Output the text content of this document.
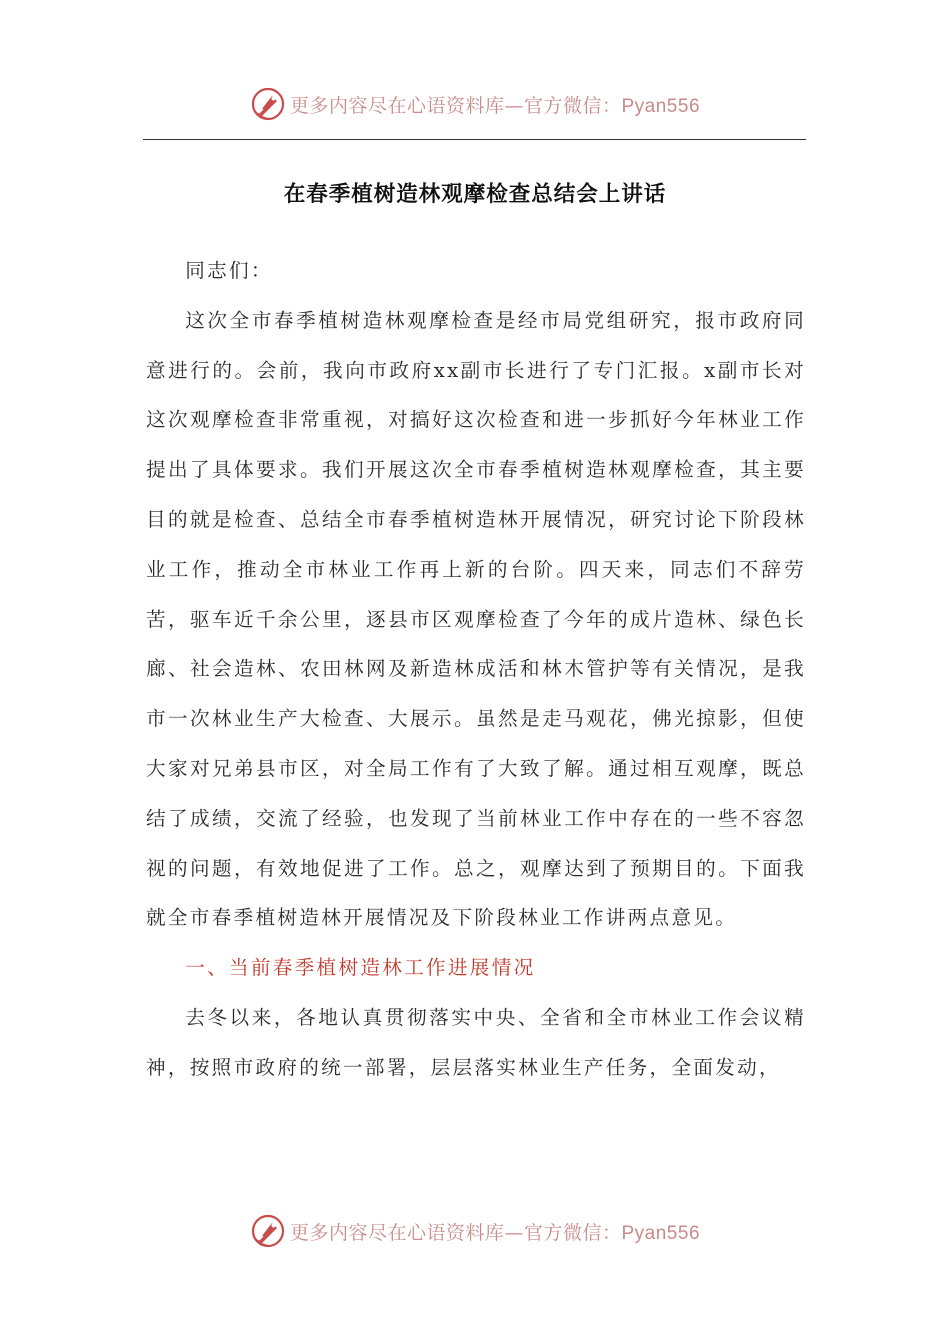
更多内容尽在心语资料库—官方微信：Pyan556
在春季植树造林观摩检查总结会上讲话

同志们：

这次全市春季植树造林观摩检查是经市局党组研究，报市政府同意进行的。会前，我向市政府xx副市长进行了专门汇报。x副市长对这次观摩检查非常重视，对搞好这次检查和进一步抓好今年林业工作提出了具体要求。我们开展这次全市春季植树造林观摩检查，其主要目的就是检查、总结全市春季植树造林开展情况，研究讨论下阶段林业工作，推动全市林业工作再上新的台阶。四天来，同志们不辞劳苦，驱车近千余公里，逐县市区观摩检查了今年的成片造林、绿色长廊、社会造林、农田林网及新造林成活和林木管护等有关情况，是我市一次林业生产大检查、大展示。虽然是走马观花，佛光掠影，但使大家对兄弟县市区，对全局工作有了大致了解。通过相互观摩，既总结了成绩，交流了经验，也发现了当前林业工作中存在的一些不容忽视的问题，有效地促进了工作。总之，观摩达到了预期目的。下面我就全市春季植树造林开展情况及下阶段林业工作讲两点意见。

一、当前春季植树造林工作进展情况

去冬以来，各地认真贯彻落实中央、全省和全市林业工作会议精神，按照市政府的统一部署，层层落实林业生产任务，全面发动，

更多内容尽在心语资料库—官方微信：Pyan556
